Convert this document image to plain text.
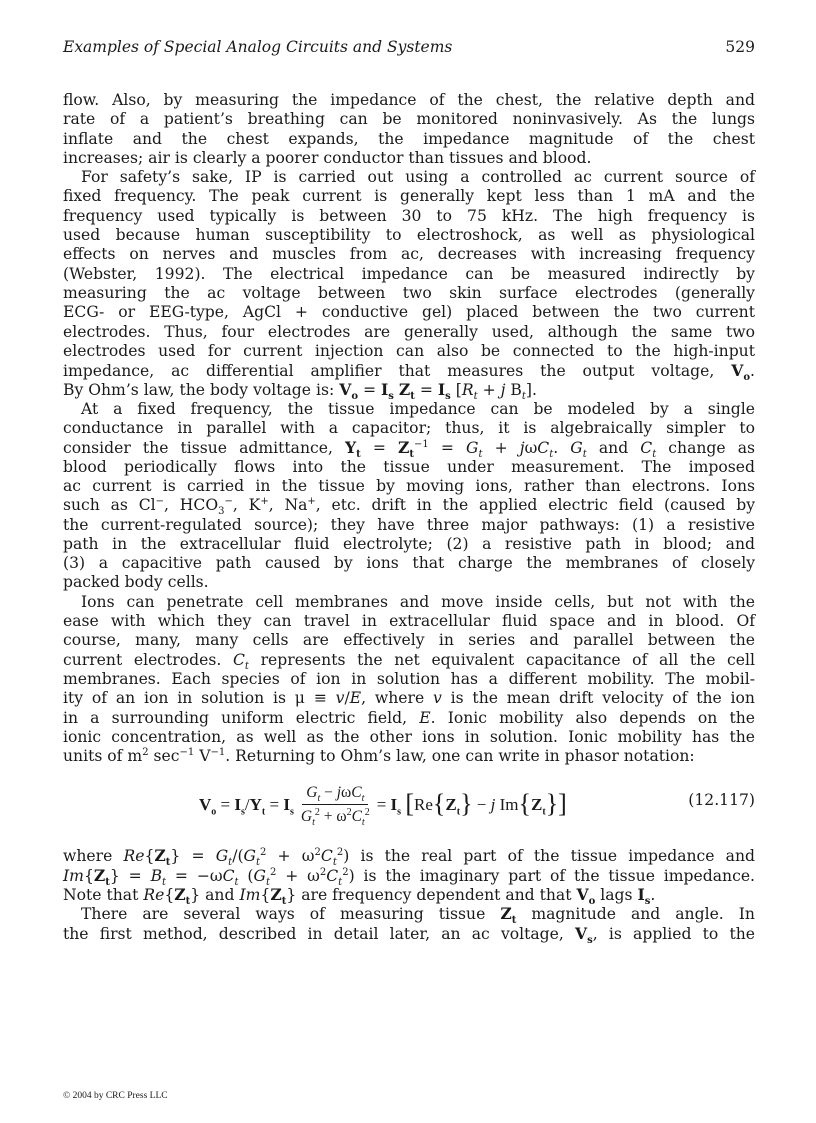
Examples of Special Analog Circuits and Systems	529
flow. Also, by measuring the impedance of the chest, the relative depth and
rate of a patient’s breathing can be monitored noninvasively. As the lungs
inflate and the chest expands, the impedance magnitude of the chest
increases; air is clearly a poorer conductor than tissues and blood.
For safety’s sake, IP is carried out using a controlled ac current source of
fixed frequency. The peak current is generally kept less than 1 mA and the
frequency used typically is between 30 to 75 kHz. The high frequency is
used because human susceptibility to electroshock, as well as physiological
effects on nerves and muscles from ac, decreases with increasing frequency
(Webster, 1992). The electrical impedance can be measured indirectly by
measuring the ac voltage between two skin surface electrodes (generally
ECG- or EEG-type, AgCl + conductive gel) placed between the two current
electrodes. Thus, four electrodes are generally used, although the same two
electrodes used for current injection can also be connected to the high-input
impedance, ac differential amplifier that measures the output voltage, $V_o$.
By Ohm’s law, the body voltage is: $V_o = I_s$ $Z_t = I_s$ [$R_t + j$ $B_t$].
At a fixed frequency, the tissue impedance can be modeled by a single
conductance in parallel with a capacitor; thus, it is algebraically simpler to
consider the tissue admittance, $Y_t = Z_t^{-1} = G_t + j\omega C_t$. $G_t$ and $C_t$ change as
blood periodically flows into the tissue under measurement. The imposed
ac current is carried in the tissue by moving ions, rather than electrons. Ions
such as Cl−, $HCO_3^-$, K+, Na+, etc. drift in the applied electric field (caused by
the current-regulated source); they have three major pathways: (1) a resistive
path in the extracellular fluid electrolyte; (2) a resistive path in blood; and
(3) a capacitive path caused by ions that charge the membranes of closely
packed body cells.
Ions can penetrate cell membranes and move inside cells, but not with the
ease with which they can travel in extracellular fluid space and in blood. Of
course, many, many cells are effectively in series and parallel between the
current electrodes. $C_t$ represents the net equivalent capacitance of all the cell
membranes. Each species of ion in solution has a different mobility. The mobil-
ity of an ion in solution is μ ≡ v/E, where v is the mean drift velocity of the ion
in a surrounding uniform electric field, E. Ionic mobility also depends on the
ionic concentration, as well as the other ions in solution. Ionic mobility has the
units of $m^2$ $\sec^{-1} V^{-1}$. Returning to Ohm’s law, one can write in phasor notation:
$V_o = I_s / Y_t = I_s \frac{G_t - j\omega C_t}{G_t^2 + \omega^2C_t^2} = I_s$
[ Re { $Z_t$ } − j Im { $Z_t$ } ]	(12.117)
where $Re\{Z_t\} = G_t/(G_t^2 + \omega^2C_t^2)$ is the real part of the tissue impedance and
$Im\{Z_t\} = B_t = -\omega C_t$ $(G_t^2 + \omega^2C_t^2)$ is the imaginary part of the tissue impedance.
Note that $Re\{Z_t\}$ and $Im\{Z_t\}$ are frequency dependent and that $V_o$ lags $I_s$.
There are several ways of measuring tissue $Z_t$ magnitude and angle. In
the first method, described in detail later, an ac voltage, $V_s$, is applied to the
© 2004 by CRC Press LLC
